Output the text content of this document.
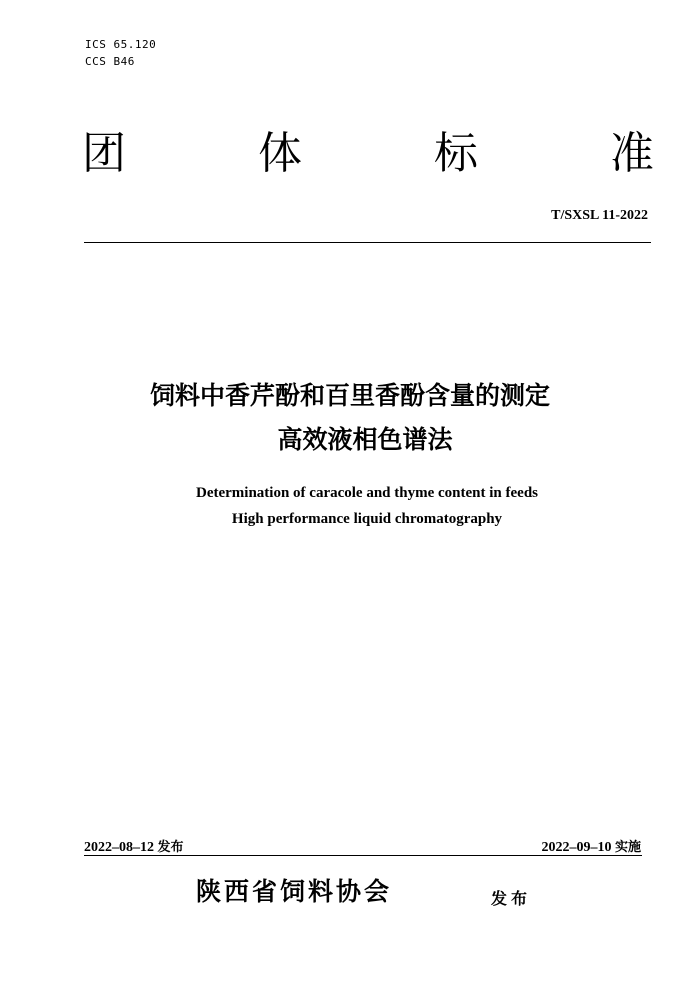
ICS 65.120
CCS B46
团	体	标	准
T/SXSL 11-2022
饲料中香芹酚和百里香酚含量的测定
高效液相色谱法
Determination of caracole and thyme content in feeds
High performance liquid chromatography
2022–08–12 发布	2022–09–10 实施
陕西省饲料协会	发布
